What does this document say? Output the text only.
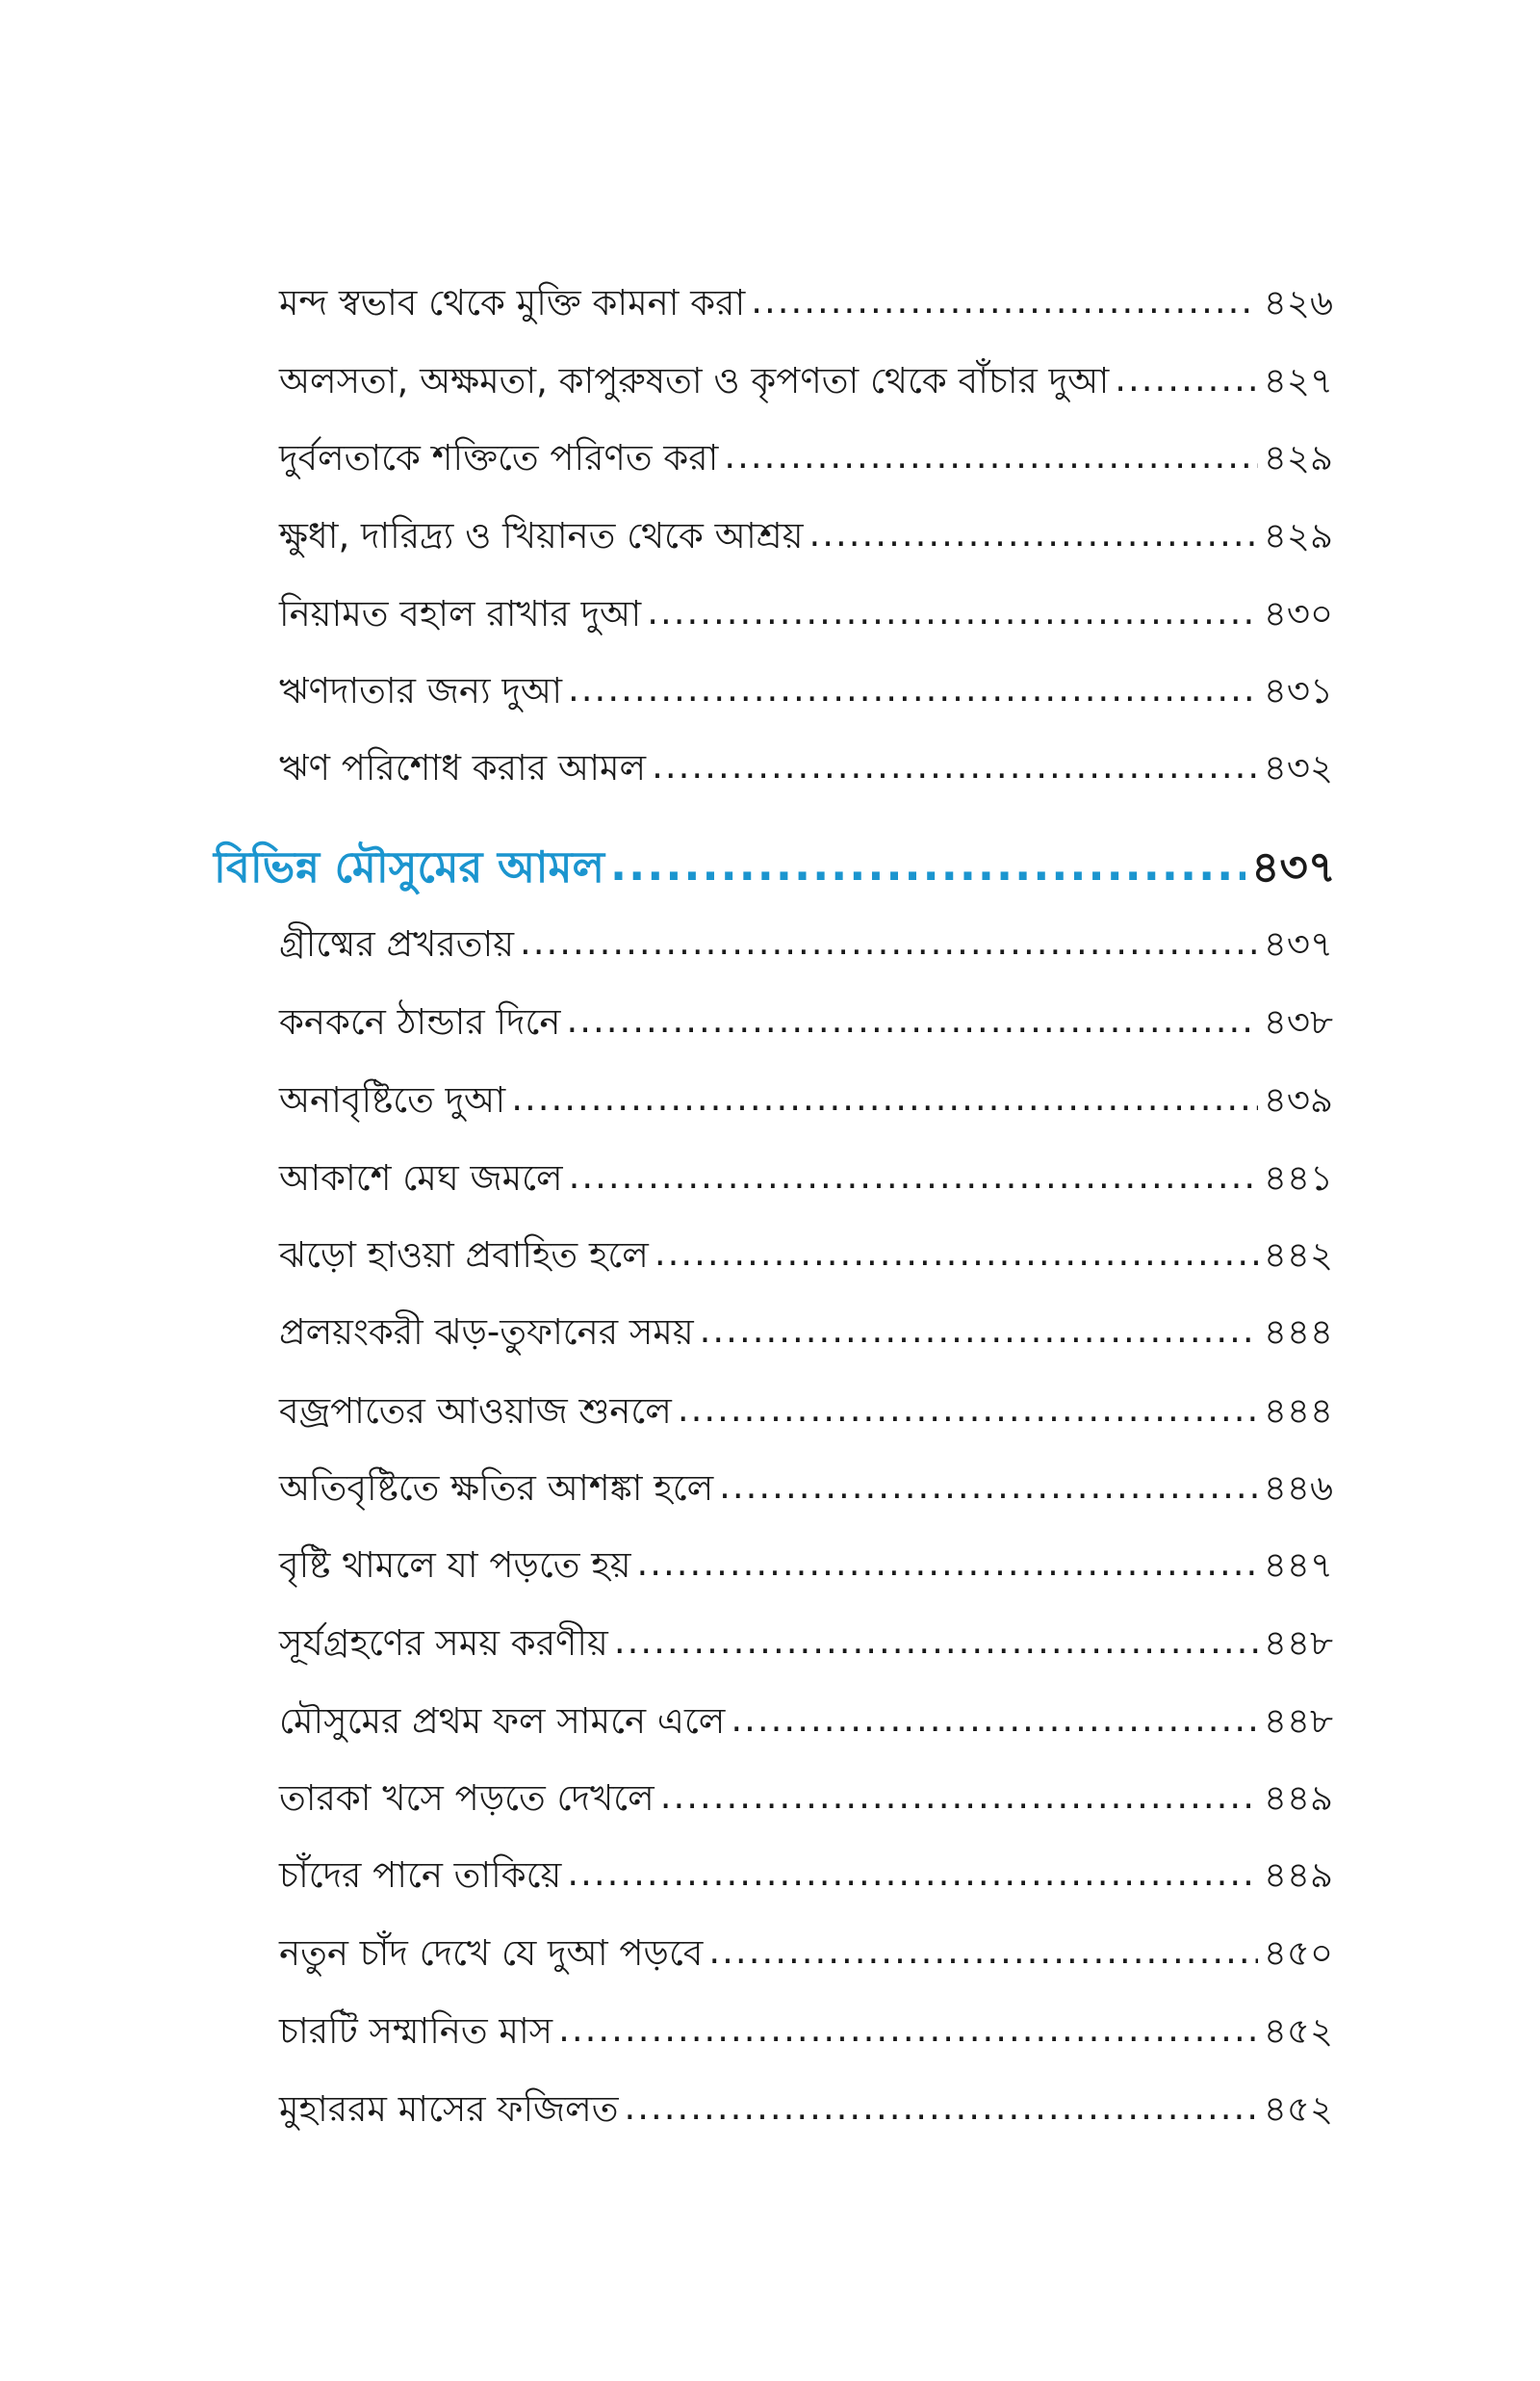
মন্দ স্বভাব থেকে মুক্তি কামনা করা .....	৪২৬
অলসতা, অক্ষমতা, কাপুরুষতা ও কৃপণতা থেকে বাঁচার দুআ .....	৪২৭
দুর্বলতাকে শক্তিতে পরিণত করা .....	৪২৯
ক্ষুধা, দারিদ্র্য ও খিয়ানত থেকে আশ্রয় .....	৪২৯
নিয়ামত বহাল রাখার দুআ .....	৪৩০
ঋণদাতার জন্য দুআ .....	৪৩১
ঋণ পরিশোধ করার আমল .....	৪৩২
বিভিন্ন মৌসুমের আমল .....	৪৩৭
গ্রীষ্মের প্রখরতায় .....	৪৩৭
কনকনে ঠান্ডার দিনে .....	৪৩৮
অনাবৃষ্টিতে দুআ .....	৪৩৯
আকাশে মেঘ জমলে .....	৪৪১
ঝড়ো হাওয়া প্রবাহিত হলে .....	৪৪২
প্রলয়ংকরী ঝড়-তুফানের সময় .....	৪৪৪
বজ্রপাতের আওয়াজ শুনলে .....	৪৪৪
অতিবৃষ্টিতে ক্ষতির আশঙ্কা হলে .....	৪৪৬
বৃষ্টি থামলে যা পড়তে হয় .....	৪৪৭
সূর্যগ্রহণের সময় করণীয় .....	৪৪৮
মৌসুমের প্রথম ফল সামনে এলে .....	৪৪৮
তারকা খসে পড়তে দেখলে .....	৪৪৯
চাঁদের পানে তাকিয়ে .....	৪৪৯
নতুন চাঁদ দেখে যে দুআ পড়বে .....	৪৫০
চারটি সম্মানিত মাস .....	৪৫২
মুহাররম মাসের ফজিলত .....	৪৫২
